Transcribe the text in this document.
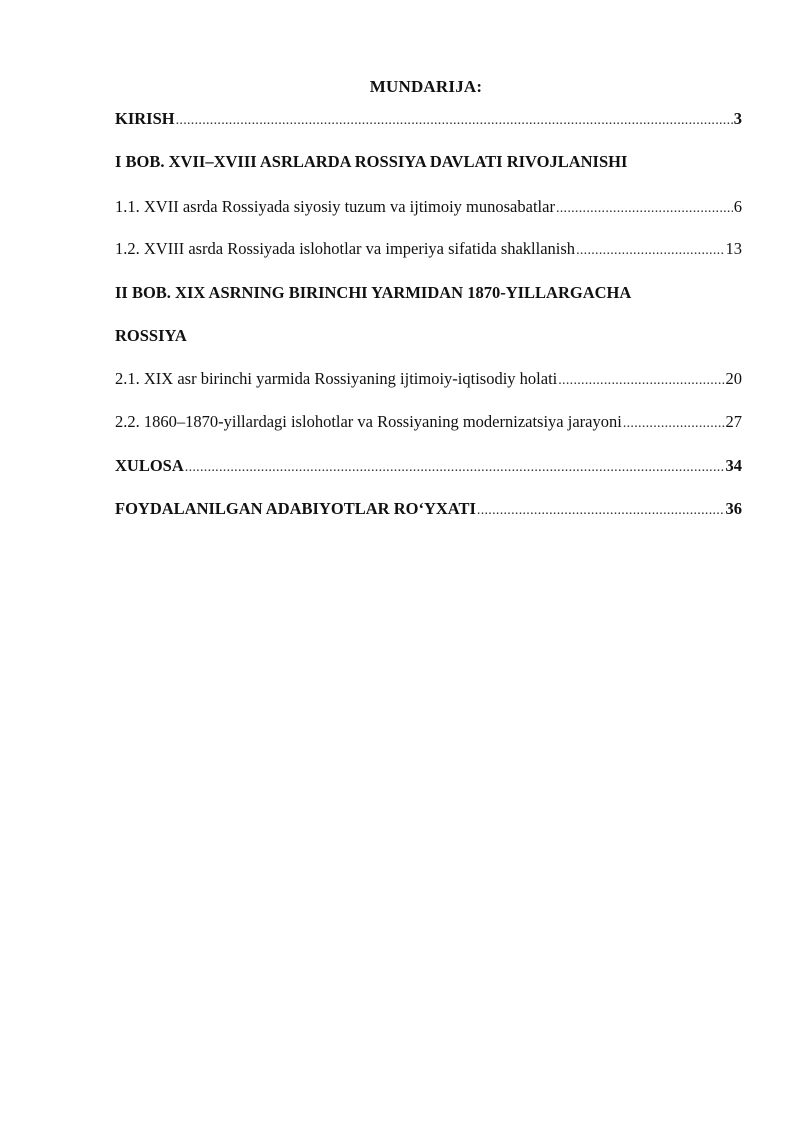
MUNDARIJA:
KIRISH .....	3
I BOB. XVII–XVIII ASRLARDA ROSSIYA DAVLATI RIVOJLANISHI
1.1. XVII asrda Rossiyada siyosiy tuzum va ijtimoiy munosabatlar .....	6
1.2. XVIII asrda Rossiyada islohotlar va imperiya sifatida shakllanish .....	13
II BOB. XIX ASRNING BIRINCHI YARMIDAN 1870-YILLARGACHA
ROSSIYA
2.1. XIX asr birinchi yarmida Rossiyaning ijtimoiy-iqtisodiy holati .....	20
2.2. 1860–1870-yillardagi islohotlar va Rossiyaning modernizatsiya jarayoni .....	27
XULOSA .....	34
FOYDALANILGAN ADABIYOTLAR RO‘YXATI .....	36
